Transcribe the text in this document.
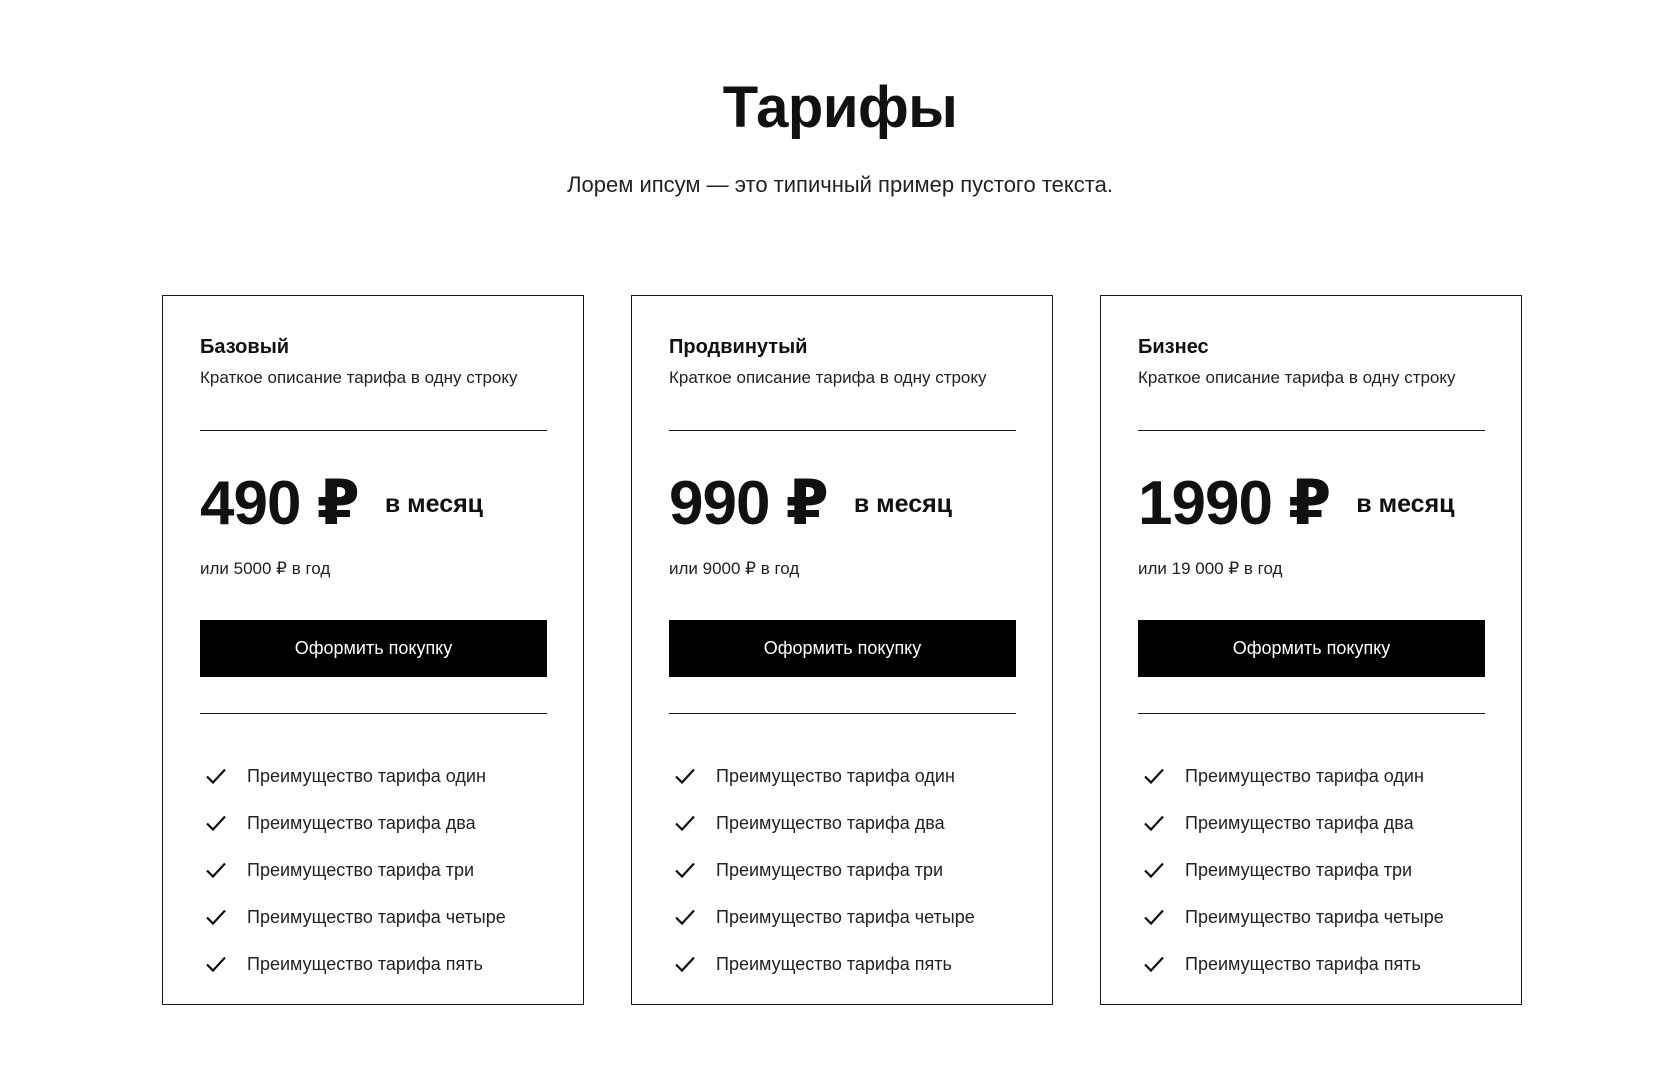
Тарифы

Лорем ипсум — это типичный пример пустого текста.

Базовый
Краткое описание тарифа в одну строку
490 ₽ в месяц
или 5000 ₽ в год
Оформить покупку
Преимущество тарифа один
Преимущество тарифа два
Преимущество тарифа три
Преимущество тарифа четыре
Преимущество тарифа пять
Продвинутый
Краткое описание тарифа в одну строку
990 ₽ в месяц
или 9000 ₽ в год
Оформить покупку
Преимущество тарифа один
Преимущество тарифа два
Преимущество тарифа три
Преимущество тарифа четыре
Преимущество тарифа пять
Бизнес
Краткое описание тарифа в одну строку
1990 ₽ в месяц
или 19 000 ₽ в год
Оформить покупку
Преимущество тарифа один
Преимущество тарифа два
Преимущество тарифа три
Преимущество тарифа четыре
Преимущество тарифа пять
